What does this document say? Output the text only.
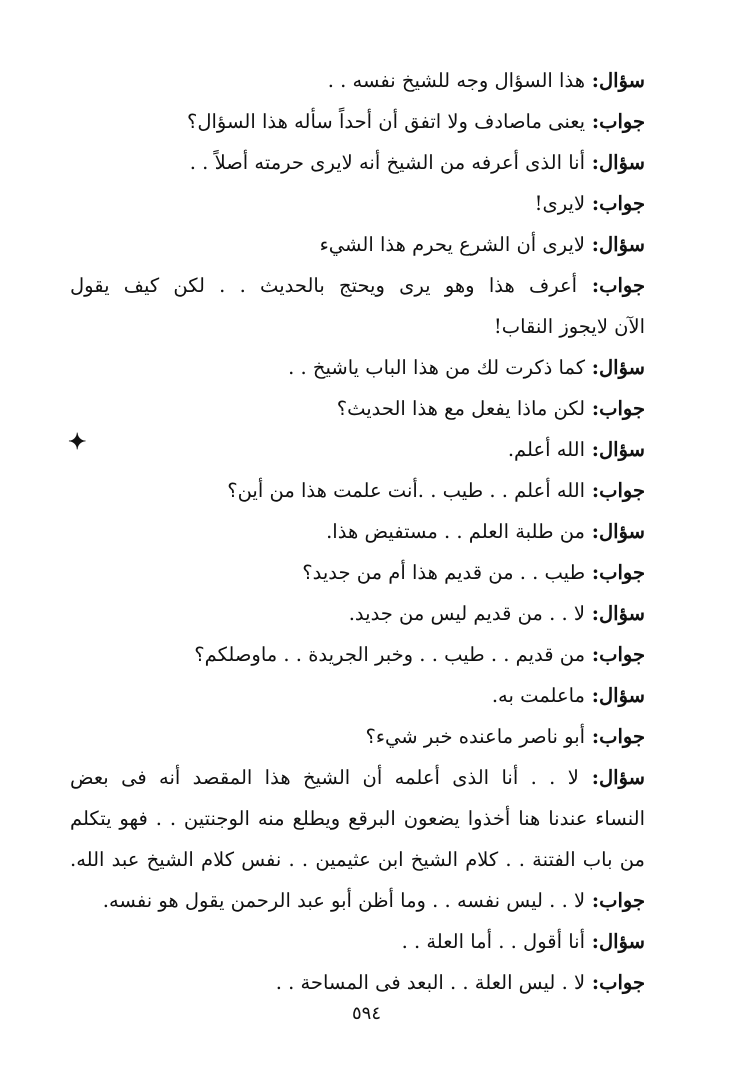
سؤال:هذا السؤال وجه للشيخ نفسه . .
جواب:يعنى ماصادف ولا اتفق أن أحداً سأله هذا السؤال؟
سؤال:أنا الذى أعرفه من الشيخ أنه لايرى حرمته أصلاً . .
جواب:لايرى!
سؤال:لايرى أن الشرع يحرم هذا الشيء
جواب:أعرف هذا وهو يرى ويحتج بالحديث . . لكن كيف يقول
الآن لايجوز النقاب!
سؤال:كما ذكرت لك من هذا الباب ياشيخ . .
جواب:لكن ماذا يفعل مع هذا الحديث؟
سؤال:الله أعلم.
جواب:الله أعلم . . طيب . .أنت علمت هذا من أين؟
سؤال:من طلبة العلم . . مستفيض هذا.
جواب:طيب . . من قديم هذا أم من جديد؟
سؤال:لا . . من قديم ليس من جديد.
جواب:من قديم . . طيب . . وخبر الجريدة . . ماوصلكم؟
سؤال:ماعلمت به.
جواب:أبو ناصر ماعنده خبر شيء؟
سؤال:لا . . أنا الذى أعلمه أن الشيخ هذا المقصد أنه فى بعض
النساء عندنا هنا أخذوا يضعون البرقع ويطلع منه الوجنتين . . فهو يتكلم
من باب الفتنة . . كلام الشيخ ابن عثيمين . . نفس كلام الشيخ عبد الله.
جواب:لا . . ليس نفسه . . وما أظن أبو عبد الرحمن يقول هو نفسه.
سؤال:أنا أقول . . أما العلة . .
جواب:لا . ليس العلة . . البعد فى المساحة . .
✦
٥٩٤
